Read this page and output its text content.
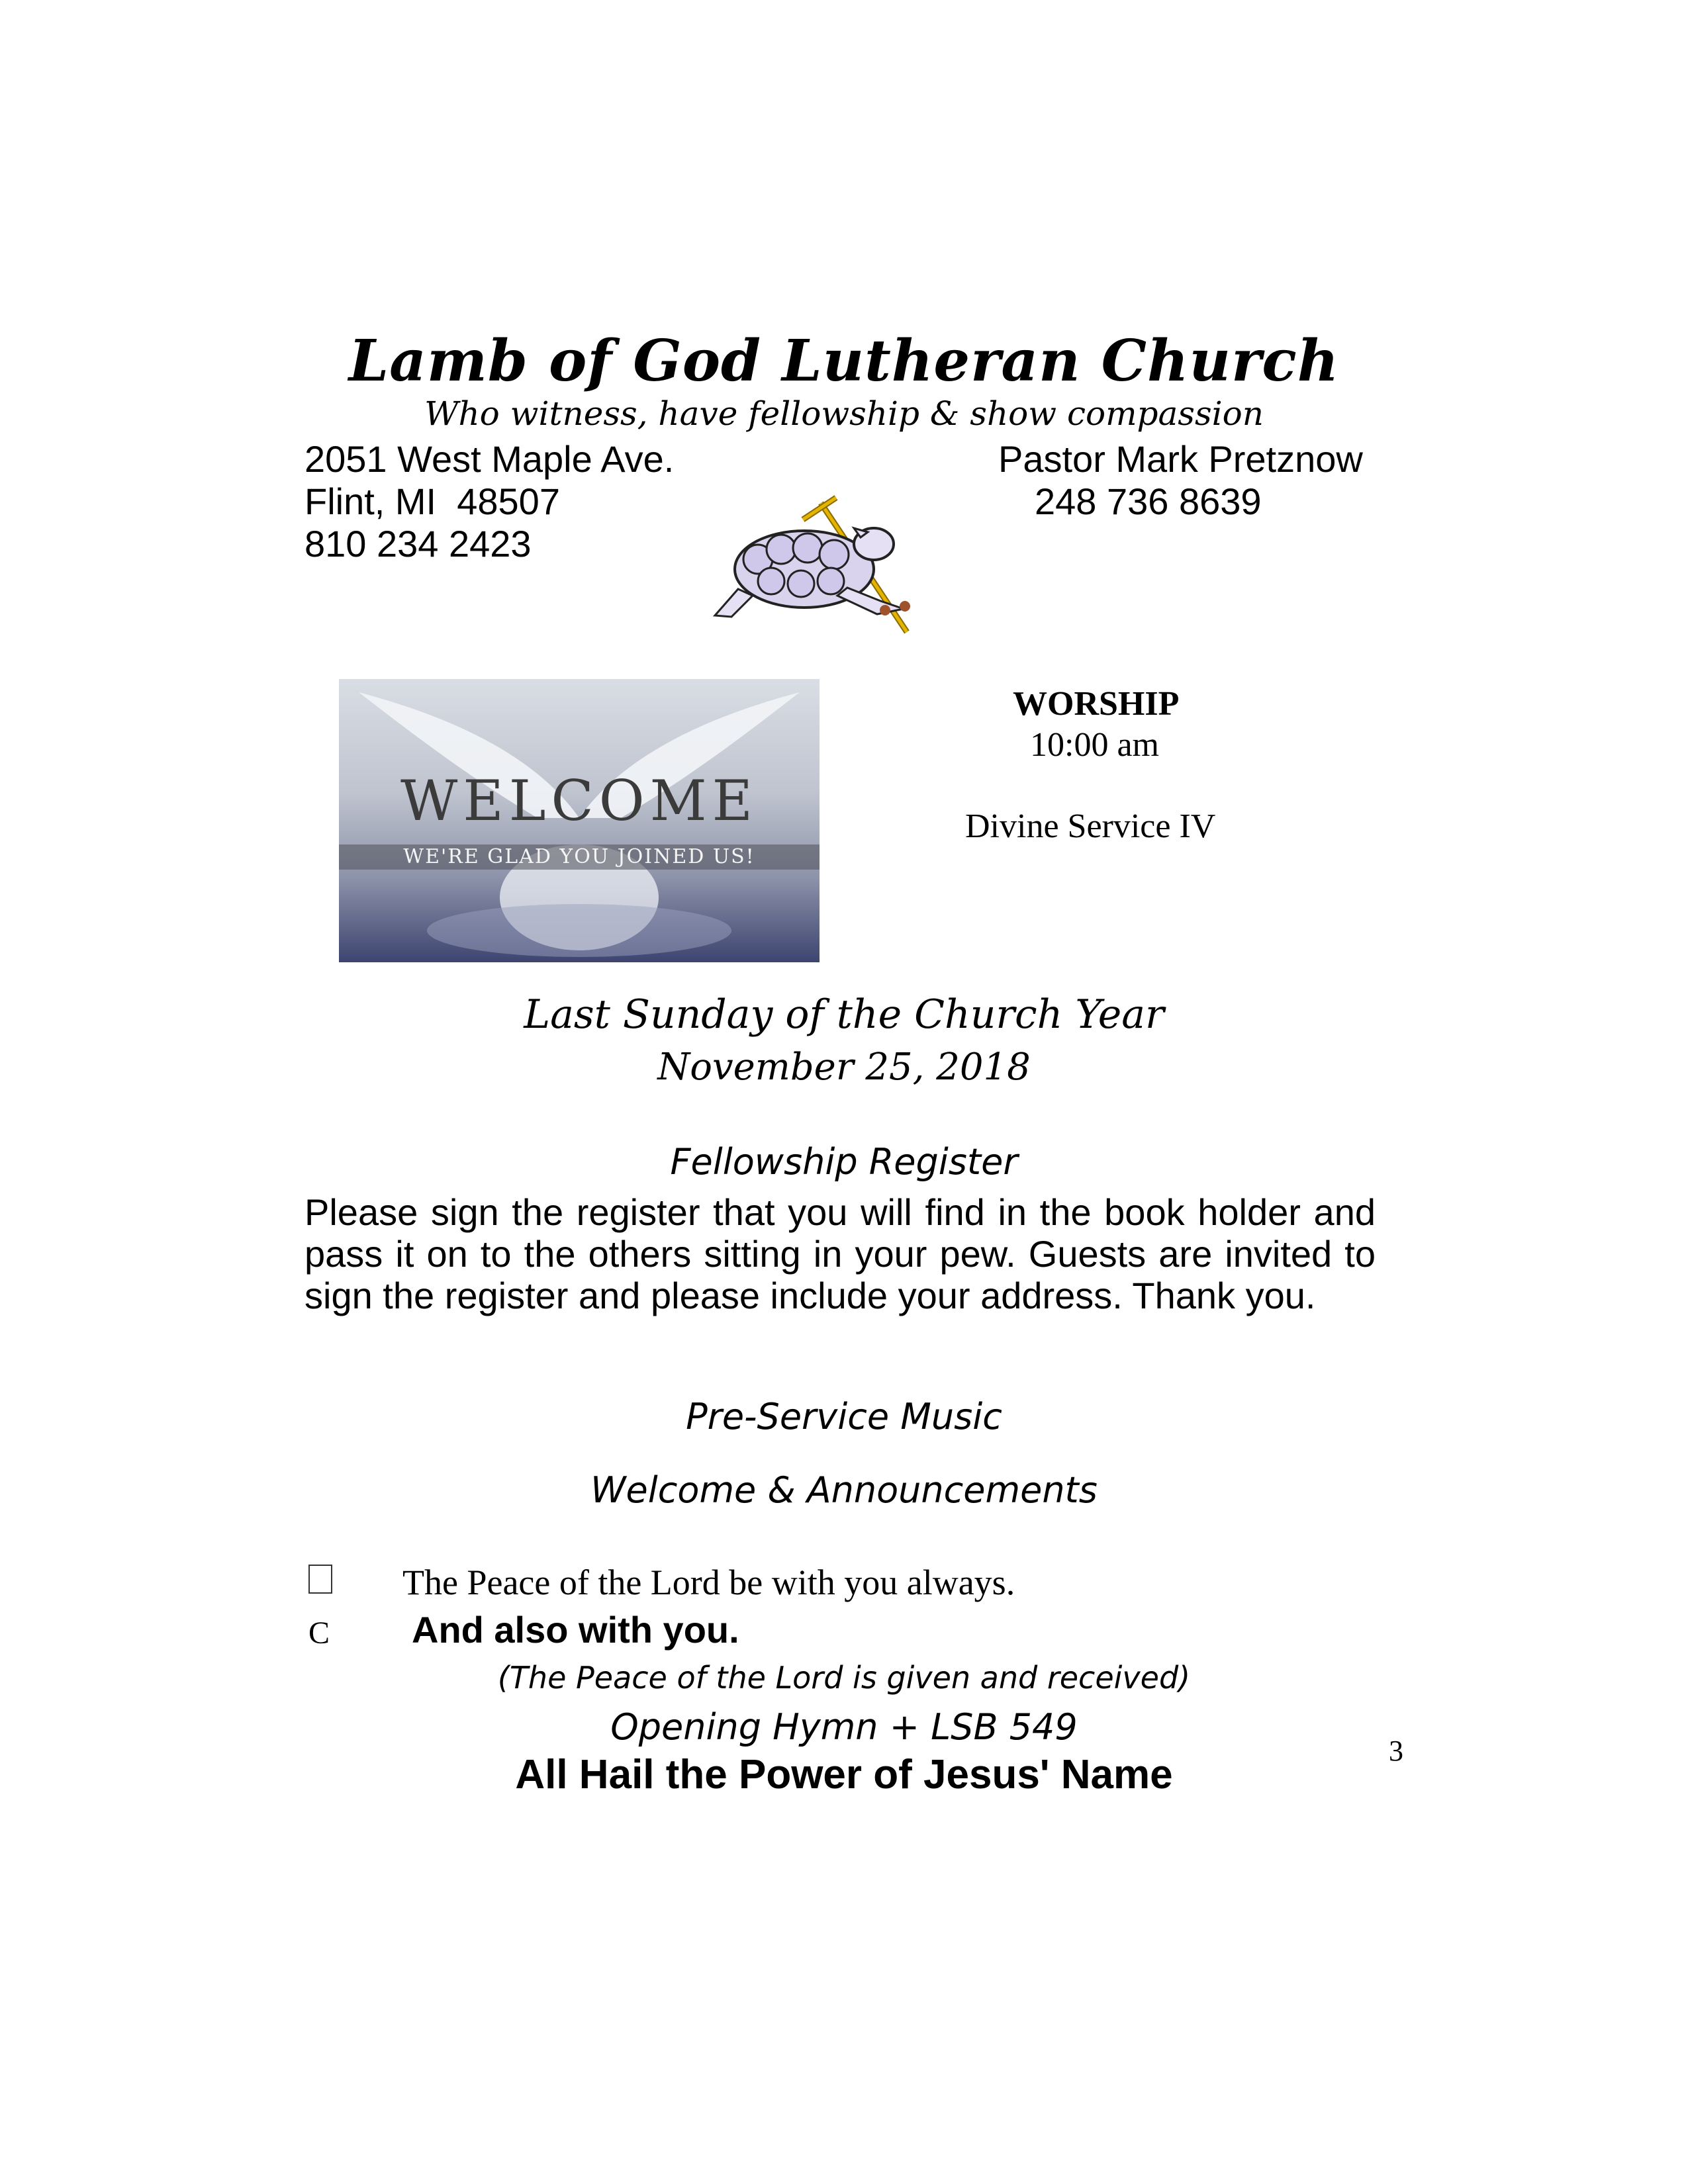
Lamb of God Lutheran Church
Who witness, have fellowship & show compassion
2051 West Maple Ave.
Flint, MI  48507
810 234 2423
Pastor Mark Pretznow
248 736 8639
WELCOME
WE'RE GLAD YOU JOINED US!
WORSHIP
10:00 am
Divine Service IV
Last Sunday of the Church Year
November 25, 2018
Fellowship Register
Please sign the register that you will find in the book holder and pass it on to the others sitting in your pew. Guests are invited to sign the register and please include your address. Thank you.
Pre-Service Music
Welcome & Announcements
The Peace of the Lord be with you always.
C And also with you.
(The Peace of the Lord is given and received)
Opening Hymn + LSB 549
All Hail the Power of Jesus' Name
3
